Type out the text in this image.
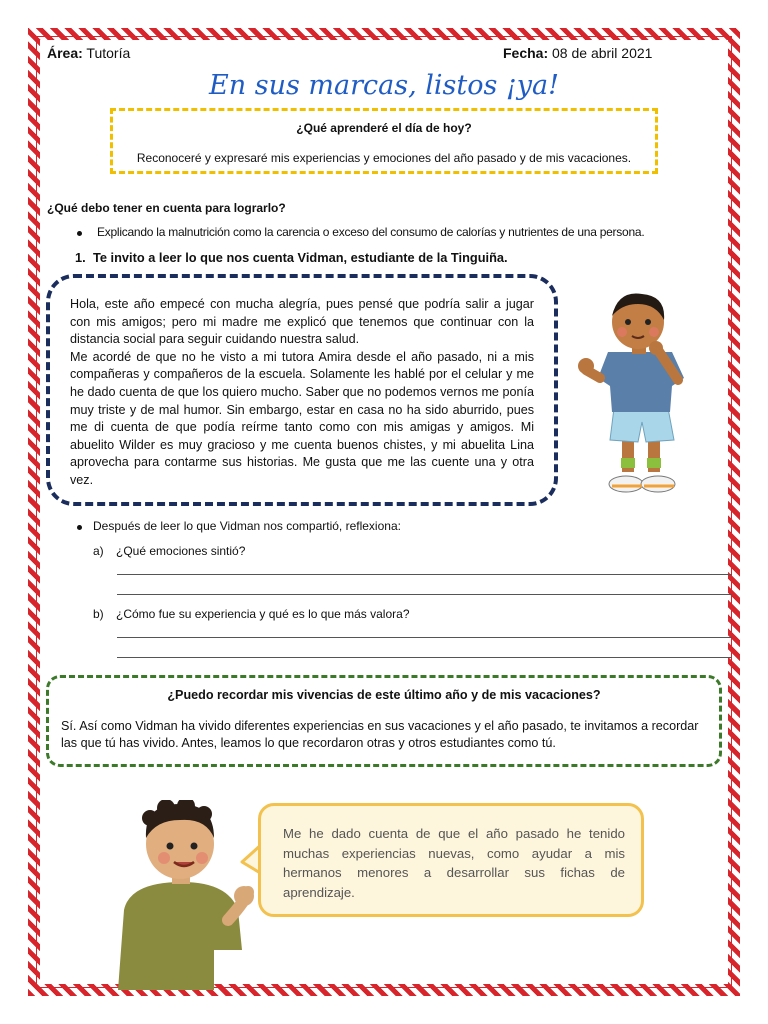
Área: Tutoría	Fecha: 08 de abril 2021
En sus marcas, listos ¡ya!
¿Qué aprenderé el día de hoy?
Reconoceré y expresaré mis experiencias y emociones del año pasado y de mis vacaciones.
¿Qué debo tener en cuenta para lograrlo?
Explicando la malnutrición como la carencia o exceso del consumo de calorías y nutrientes de una persona.
1. Te invito a leer lo que nos cuenta Vidman, estudiante de la Tinguiña.

Hola, este año empecé con mucha alegría, pues pensé que podría salir a jugar con mis amigos; pero mi madre me explicó que tenemos que continuar con la distancia social para seguir cuidando nuestra salud.

Me acordé de que no he visto a mi tutora Amira desde el año pasado, ni a mis compañeras y compañeros de la escuela. Solamente les hablé por el celular y me he dado cuenta de que los quiero mucho. Saber que no podemos vernos me ponía muy triste y de mal humor. Sin embargo, estar en casa no ha sido aburrido, pues me di cuenta de que podía reírme tanto como con mis amigas y amigos. Mi abuelito Wilder es muy gracioso y me cuenta buenos chistes, y mi abuelita Lina aprovecha para contarme sus historias. Me gusta que me las cuente una y otra vez.

Después de leer lo que Vidman nos compartió, reflexiona:
a) ¿Qué emociones sintió?
b) ¿Cómo fue su experiencia y qué es lo que más valora?
¿Puedo recordar mis vivencias de este último año y de mis vacaciones?
Sí. Así como Vidman ha vivido diferentes experiencias en sus vacaciones y el año pasado, te invitamos a recordar las que tú has vivido. Antes, leamos lo que recordaron otras y otros estudiantes como tú.
Me he dado cuenta de que el año pasado he tenido muchas experiencias nuevas, como ayudar a mis hermanos menores a desarrollar sus fichas de aprendizaje.
